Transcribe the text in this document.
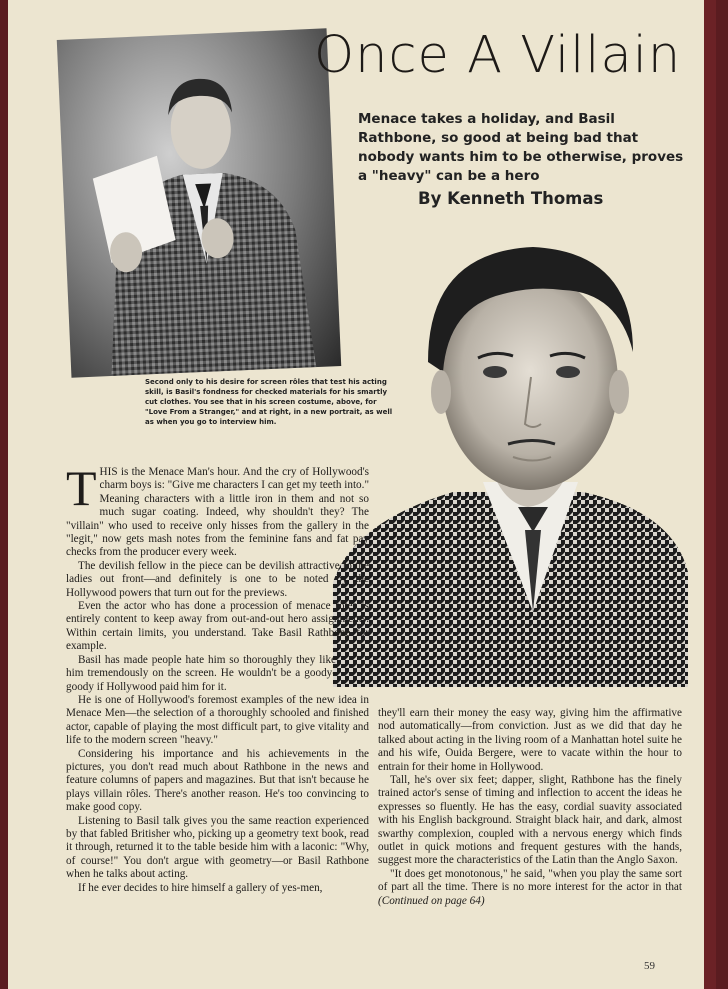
Once A Villain
Menace takes a holiday, and Basil Rathbone, so good at being bad that nobody wants him to be otherwise, proves a "heavy" can be a hero
By Kenneth Thomas
Second only to his desire for screen rôles that test his acting skill, is Basil's fondness for checked materials for his smartly cut clothes. You see that in his screen costume, above, for "Love From a Stranger," and at right, in a new portrait, as well as when you go to interview him.

THIS is the Menace Man's hour. And the cry of Hollywood's charm boys is: "Give me characters I can get my teeth into." Meaning characters with a little iron in them and not so much sugar coating. Indeed, why shouldn't they? The "villain" who used to receive only hisses from the gallery in the "legit," now gets mash notes from the feminine fans and fat pay checks from the producer every week.

The devilish fellow in the piece can be devilish attractive to the ladies out front—and definitely is one to be noted by the Hollywood powers that turn out for the previews.

Even the actor who has done a procession of menace rôles is entirely content to keep away from out-and-out hero assignments. Within certain limits, you understand. Take Basil Rathbone for example.

Basil has made people hate him so thoroughly they like him tremendously on the screen. He wouldn't be a goody-goody if Hollywood paid him for it.

He is one of Hollywood's foremost examples of the new idea in Menace Men—the selection of a thoroughly schooled and finished actor, capable of playing the most difficult part, to give vitality and life to the modern screen "heavy."

Considering his importance and his achievements in the pictures, you don't read much about Rathbone in the news and feature columns of papers and magazines. But that isn't because he plays villain rôles. There's another reason. He's too convincing to make good copy.

Listening to Basil talk gives you the same reaction experienced by that fabled Britisher who, picking up a geometry text book, read it through, returned it to the table beside him with a laconic: "Why, of course!" You don't argue with geometry—or Basil Rathbone when he talks about acting.

If he ever decides to hire himself a gallery of yes-men,

they'll earn their money the easy way, giving him the affirmative nod automatically—from conviction. Just as we did that day he talked about acting in the living room of a Manhattan hotel suite he and his wife, Ouida Bergere, were to vacate within the hour to entrain for their home in Hollywood.

Tall, he's over six feet; dapper, slight, Rathbone has the finely trained actor's sense of timing and inflection to accent the ideas he expresses so fluently. He has the easy, cordial suavity associated with his English background. Straight black hair, and dark, almost swarthy complexion, coupled with a nervous energy which finds outlet in quick motions and frequent gestures with the hands, suggest more the characteristics of the Latin than the Anglo Saxon.

"It does get monotonous," he said, "when you play the same sort of part all the time. There is no more interest for the actor in that (Continued on page 64)

59
